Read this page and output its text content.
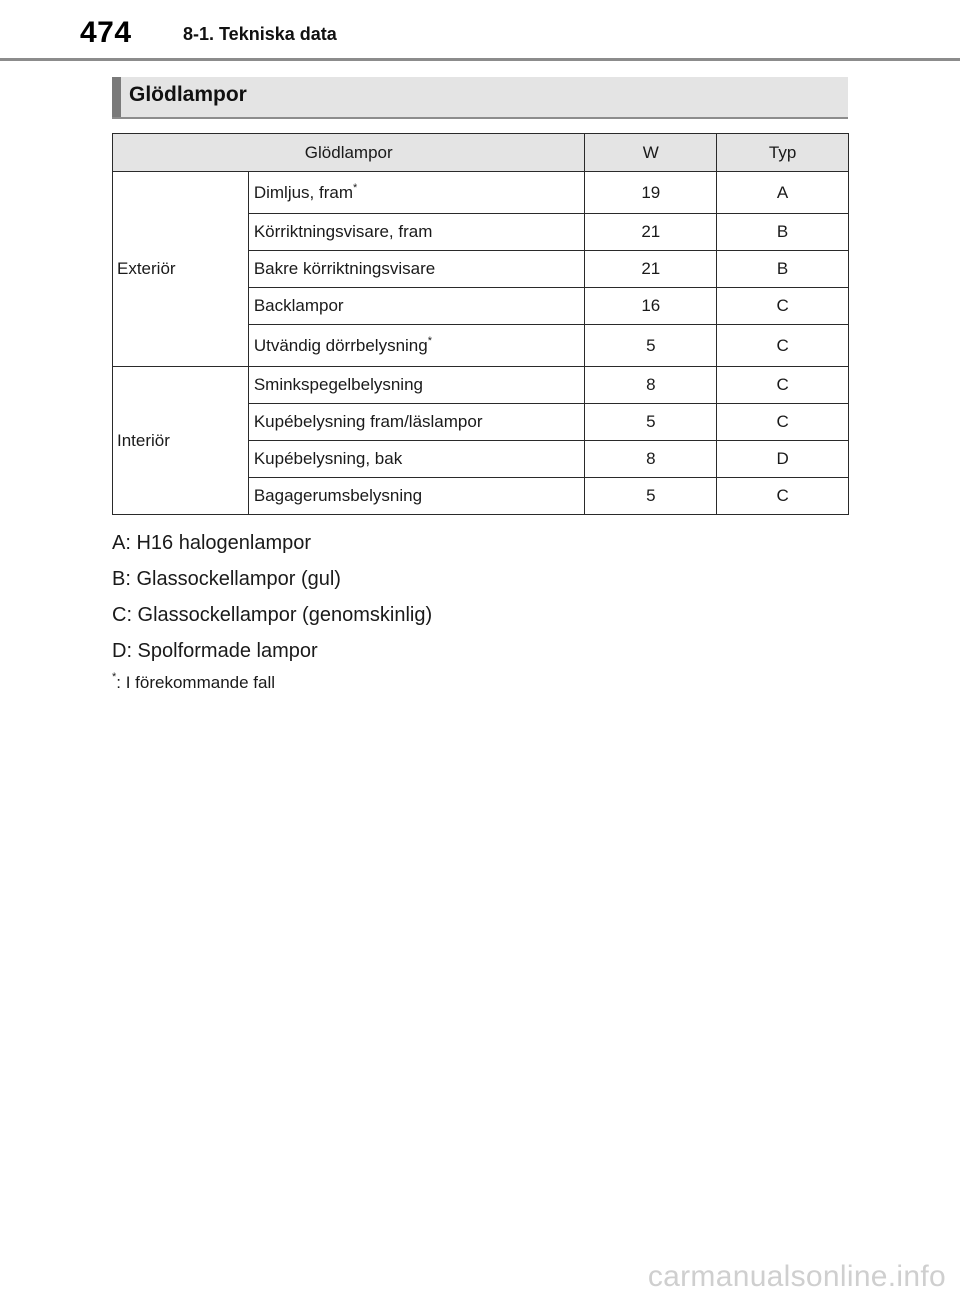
474	8-1. Tekniska data
Glödlampor
Glödlampor		W	Typ
Exteriör	Dimljus, fram*	19	A
	Körriktningsvisare, fram	21	B
	Bakre körriktningsvisare	21	B
	Backlampor	16	C
	Utvändig dörrbelysning*	5	C
Interiör	Sminkspegelbelysning	8	C
	Kupébelysning fram/läslampor	5	C
	Kupébelysning, bak	8	D
	Bagagerumsbelysning	5	C
A: H16 halogenlampor
B: Glassockellampor (gul)
C: Glassockellampor (genomskinlig)
D: Spolformade lampor
*: I förekommande fall
carmanualsonline.info
